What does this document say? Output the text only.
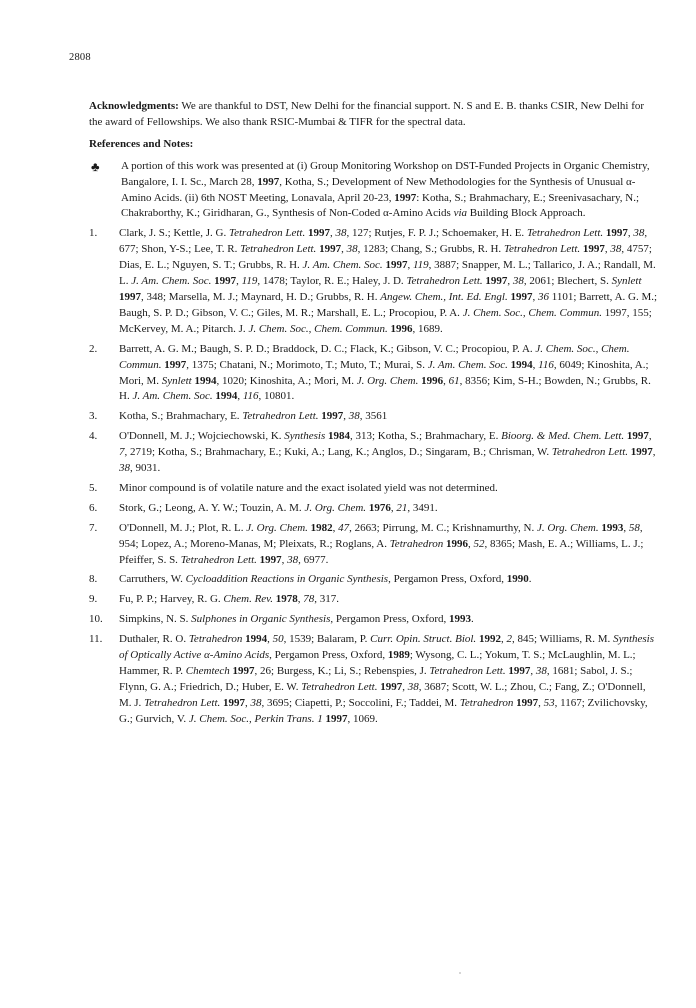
2808

Acknowledgments: We are thankful to DST, New Delhi for the financial support. N. S and E. B. thanks CSIR, New Delhi for the award of Fellowships. We also thank RSIC-Mumbai & TIFR for the spectral data.

References and Notes:

♣	A portion of this work was presented at (i) Group Monitoring Workshop on DST-Funded Projects in Organic Chemistry, Bangalore, I. I. Sc., March 28, 1997, Kotha, S.; Development of New Methodologies for the Synthesis of Unusual α-Amino Acids. (ii) 6th NOST Meeting, Lonavala, April 20-23, 1997: Kotha, S.; Brahmachary, E.; Sreenivasachary, N.; Chakraborthy, K.; Giridharan, G., Synthesis of Non-Coded α-Amino Acids via Building Block Approach.
1.	Clark, J. S.; Kettle, J. G. Tetrahedron Lett. 1997, 38, 127; Rutjes, F. P. J.; Schoemaker, H. E. Tetrahedron Lett. 1997, 38, 677; Shon, Y-S.; Lee, T. R. Tetrahedron Lett. 1997, 38, 1283; Chang, S.; Grubbs, R. H. Tetrahedron Lett. 1997, 38, 4757; Dias, E. L.; Nguyen, S. T.; Grubbs, R. H. J. Am. Chem. Soc. 1997, 119, 3887; Snapper, M. L.; Tallarico, J. A.; Randall, M. L. J. Am. Chem. Soc. 1997, 119, 1478; Taylor, R. E.; Haley, J. D. Tetrahedron Lett. 1997, 38, 2061; Blechert, S. Synlett 1997, 348; Marsella, M. J.; Maynard, H. D.; Grubbs, R. H. Angew. Chem., Int. Ed. Engl. 1997, 36 1101; Barrett, A. G. M.; Baugh, S. P. D.; Gibson, V. C.; Giles, M. R.; Marshall, E. L.; Procopiou, P. A. J. Chem. Soc., Chem. Commun. 1997, 155; McKervey, M. A.; Pitarch. J. J. Chem. Soc., Chem. Commun. 1996, 1689.
2.	Barrett, A. G. M.; Baugh, S. P. D.; Braddock, D. C.; Flack, K.; Gibson, V. C.; Procopiou, P. A. J. Chem. Soc., Chem. Commun. 1997, 1375; Chatani, N.; Morimoto, T.; Muto, T.; Murai, S. J. Am. Chem. Soc. 1994, 116, 6049; Kinoshita, A.; Mori, M. Synlett 1994, 1020; Kinoshita, A.; Mori, M. J. Org. Chem. 1996, 61, 8356; Kim, S-H.; Bowden, N.; Grubbs, R. H. J. Am. Chem. Soc. 1994, 116, 10801.
3.	Kotha, S.; Brahmachary, E. Tetrahedron Lett. 1997, 38, 3561
4.	O'Donnell, M. J.; Wojciechowski, K. Synthesis 1984, 313; Kotha, S.; Brahmachary, E. Bioorg. & Med. Chem. Lett. 1997, 7, 2719; Kotha, S.; Brahmachary, E.; Kuki, A.; Lang, K.; Anglos, D.; Singaram, B.; Chrisman, W. Tetrahedron Lett. 1997, 38, 9031.
5.	Minor compound is of volatile nature and the exact isolated yield was not determined.
6.	Stork, G.; Leong, A. Y. W.; Touzin, A. M. J. Org. Chem. 1976, 21, 3491.
7.	O'Donnell, M. J.; Plot, R. L. J. Org. Chem. 1982, 47, 2663; Pirrung, M. C.; Krishnamurthy, N. J. Org. Chem. 1993, 58, 954; Lopez, A.; Moreno-Manas, M; Pleixats, R.; Roglans, A. Tetrahedron 1996, 52, 8365; Mash, E. A.; Williams, L. J.; Pfeiffer, S. S. Tetrahedron Lett. 1997, 38, 6977.
8.	Carruthers, W. Cycloaddition Reactions in Organic Synthesis, Pergamon Press, Oxford, 1990.
9.	Fu, P. P.; Harvey, R. G. Chem. Rev. 1978, 78, 317.
10.	Simpkins, N. S. Sulphones in Organic Synthesis, Pergamon Press, Oxford, 1993.
11.	Duthaler, R. O. Tetrahedron 1994, 50, 1539; Balaram, P. Curr. Opin. Struct. Biol. 1992, 2, 845; Williams, R. M. Synthesis of Optically Active α-Amino Acids, Pergamon Press, Oxford, 1989; Wysong, C. L.; Yokum, T. S.; McLaughlin, M. L.; Hammer, R. P. Chemtech 1997, 26; Burgess, K.; Li, S.; Rebenspies, J. Tetrahedron Lett. 1997, 38, 1681; Sabol, J. S.; Flynn, G. A.; Friedrich, D.; Huber, E. W. Tetrahedron Lett. 1997, 38, 3687; Scott, W. L.; Zhou, C.; Fang, Z.; O'Donnell, M. J. Tetrahedron Lett. 1997, 38, 3695; Ciapetti, P.; Soccolini, F.; Taddei, M. Tetrahedron 1997, 53, 1167; Zvilichovsky, G.; Gurvich, V. J. Chem. Soc., Perkin Trans. 1 1997, 1069.
